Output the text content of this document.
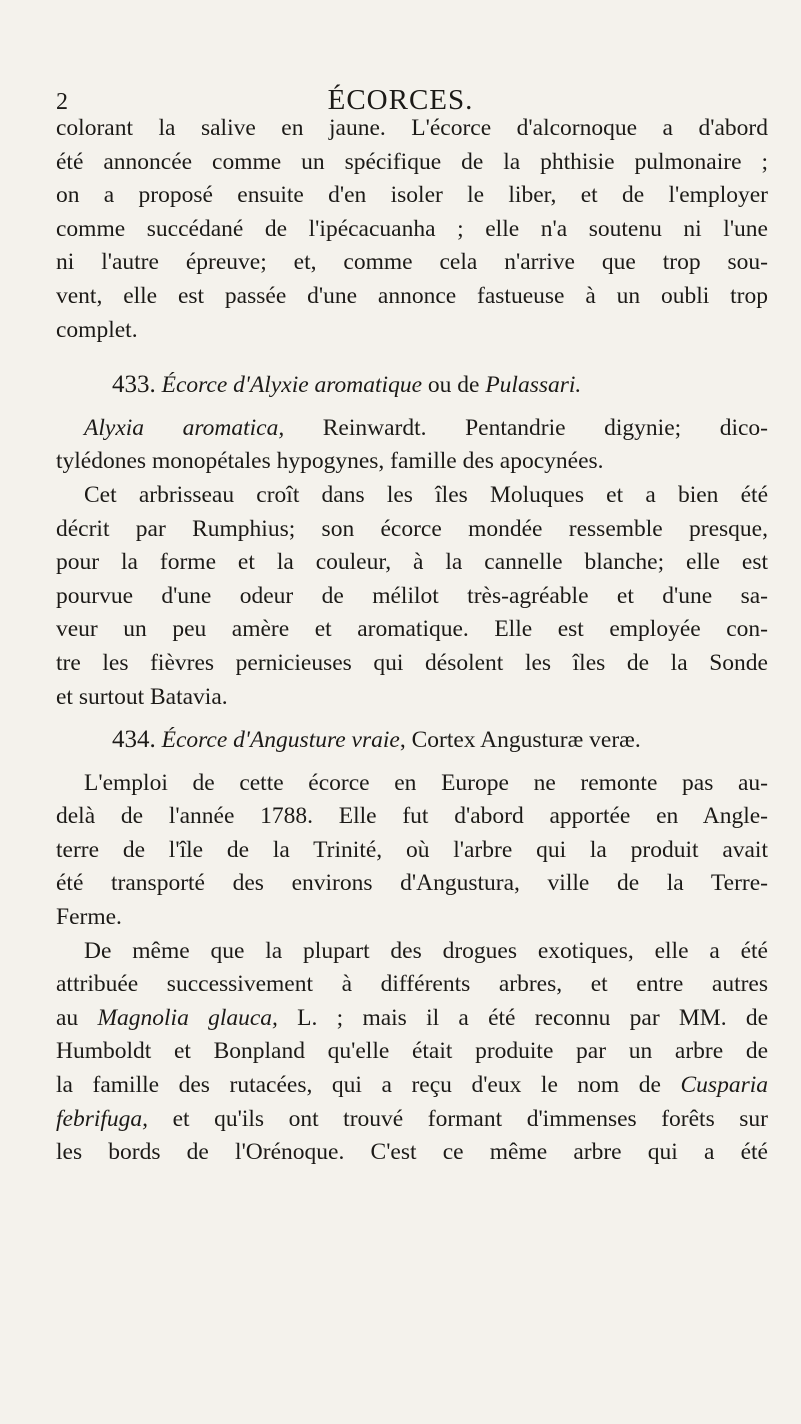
2	ÉCORCES.
colorant la salive en jaune. L'écorce d'alcornoque a d'abord
été annoncée comme un spécifique de la phthisie pulmonaire ;
on a proposé ensuite d'en isoler le liber, et de l'employer
comme succédané de l'ipécacuanha ; elle n'a soutenu ni l'une
ni l'autre épreuve; et, comme cela n'arrive que trop sou-
vent, elle est passée d'une annonce fastueuse à un oubli trop
complet.
433. Écorce d'Alyxie aromatique ou de Pulassari.
Alyxia aromatica, Reinwardt. Pentandrie digynie; dico-
tylédones monopétales hypogynes, famille des apocynées.
Cet arbrisseau croît dans les îles Moluques et a bien été
décrit par Rumphius; son écorce mondée ressemble presque,
pour la forme et la couleur, à la cannelle blanche; elle est
pourvue d'une odeur de mélilot très-agréable et d'une sa-
veur un peu amère et aromatique. Elle est employée con-
tre les fièvres pernicieuses qui désolent les îles de la Sonde
et surtout Batavia.
434. Écorce d'Angusture vraie, Cortex Angusturæ veræ.
L'emploi de cette écorce en Europe ne remonte pas au-
delà de l'année 1788. Elle fut d'abord apportée en Angle-
terre de l'île de la Trinité, où l'arbre qui la produit avait
été transporté des environs d'Angustura, ville de la Terre-
Ferme.
De même que la plupart des drogues exotiques, elle a été
attribuée successivement à différents arbres, et entre autres
au Magnolia glauca, L. ; mais il a été reconnu par MM. de
Humboldt et Bonpland qu'elle était produite par un arbre de
la famille des rutacées, qui a reçu d'eux le nom de Cusparia
febrifuga, et qu'ils ont trouvé formant d'immenses forêts sur
les bords de l'Orénoque. C'est ce même arbre qui a été
